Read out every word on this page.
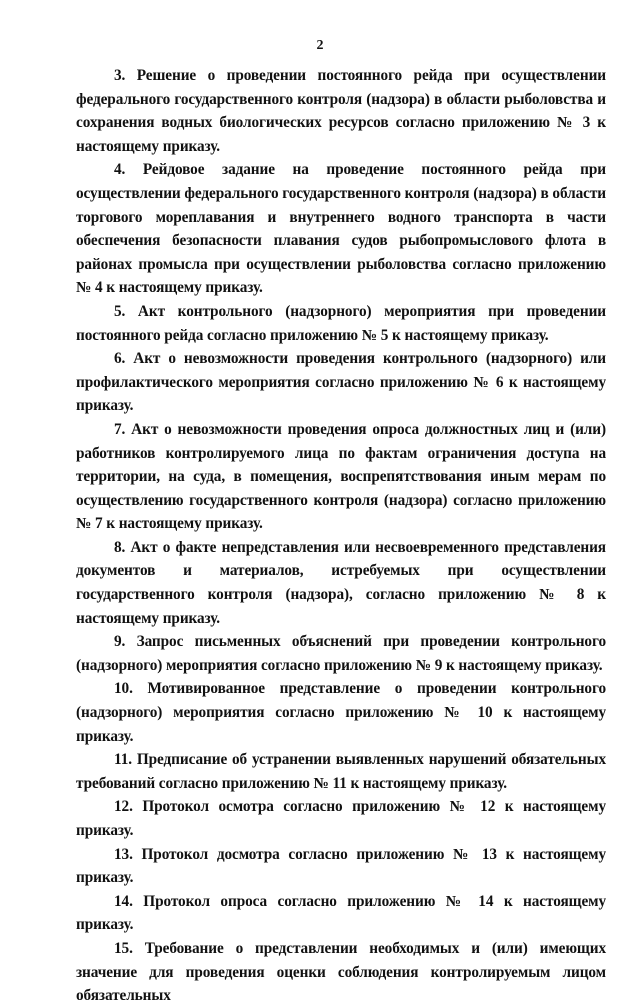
2

3. Решение о проведении постоянного рейда при осуществлении федерального государственного контроля (надзора) в области рыболовства и сохранения водных биологических ресурсов согласно приложению № 3 к настоящему приказу.

4. Рейдовое задание на проведение постоянного рейда при осуществлении федерального государственного контроля (надзора) в области торгового мореплавания и внутреннего водного транспорта в части обеспечения безопасности плавания судов рыбопромыслового флота в районах промысла при осуществлении рыболовства согласно приложению № 4 к настоящему приказу.

5. Акт контрольного (надзорного) мероприятия при проведении постоянного рейда согласно приложению № 5 к настоящему приказу.

6. Акт о невозможности проведения контрольного (надзорного) или профилактического мероприятия согласно приложению № 6 к настоящему приказу.

7. Акт о невозможности проведения опроса должностных лиц и (или) работников контролируемого лица по фактам ограничения доступа на территории, на суда, в помещения, воспрепятствования иным мерам по осуществлению государственного контроля (надзора) согласно приложению № 7 к настоящему приказу.

8. Акт о факте непредставления или несвоевременного представления документов и материалов, истребуемых при осуществлении государственного контроля (надзора), согласно приложению № 8 к настоящему приказу.

9. Запрос письменных объяснений при проведении контрольного (надзорного) мероприятия согласно приложению № 9 к настоящему приказу.

10. Мотивированное представление о проведении контрольного (надзорного) мероприятия согласно приложению № 10 к настоящему приказу.

11. Предписание об устранении выявленных нарушений обязательных требований согласно приложению № 11 к настоящему приказу.

12. Протокол осмотра согласно приложению № 12 к настоящему приказу.

13. Протокол досмотра согласно приложению № 13 к настоящему приказу.

14. Протокол опроса согласно приложению № 14 к настоящему приказу.

15. Требование о представлении необходимых и (или) имеющих значение для проведения оценки соблюдения контролируемым лицом обязательных
